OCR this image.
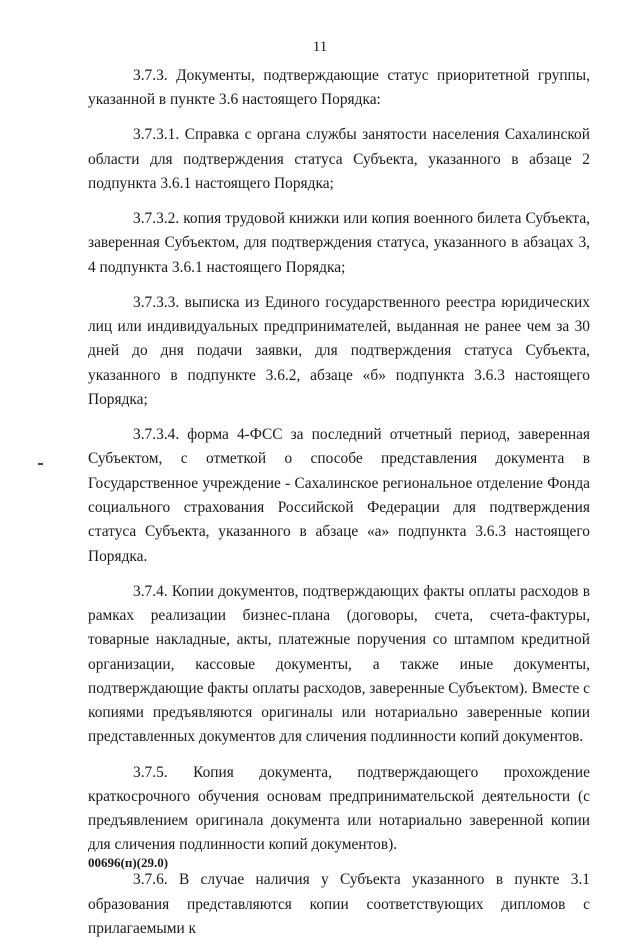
11

3.7.3. Документы, подтверждающие статус приоритетной группы, указанной в пункте 3.6 настоящего Порядка:

3.7.3.1. Справка с органа службы занятости населения Сахалинской области для подтверждения статуса Субъекта, указанного в абзаце 2 подпункта 3.6.1 настоящего Порядка;

3.7.3.2. копия трудовой книжки или копия военного билета Субъекта, заверенная Субъектом, для подтверждения статуса, указанного в абзацах 3, 4 подпункта 3.6.1 настоящего Порядка;

3.7.3.3. выписка из Единого государственного реестра юридических лиц или индивидуальных предпринимателей, выданная не ранее чем за 30 дней до дня подачи заявки, для подтверждения статуса Субъекта, указанного в подпункте 3.6.2, абзаце «б» подпункта 3.6.3 настоящего Порядка;

3.7.3.4. форма 4-ФСС за последний отчетный период, заверенная Субъектом, с отметкой о способе представления документа в Государственное учреждение - Сахалинское региональное отделение Фонда социального страхования Российской Федерации для подтверждения статуса Субъекта, указанного в абзаце «а» подпункта 3.6.3 настоящего Порядка.

3.7.4. Копии документов, подтверждающих факты оплаты расходов в рамках реализации бизнес-плана (договоры, счета, счета-фактуры, товарные накладные, акты, платежные поручения со штампом кредитной организации, кассовые документы, а также иные документы, подтверждающие факты оплаты расходов, заверенные Субъектом). Вместе с копиями предъявляются оригиналы или нотариально заверенные копии представленных документов для сличения подлинности копий документов.

3.7.5. Копия документа, подтверждающего прохождение краткосрочного обучения основам предпринимательской деятельности (с предъявлением оригинала документа или нотариально заверенной копии для сличения подлинности копий документов).

3.7.6. В случае наличия у Субъекта указанного в пункте 3.1 образования представляются копии соответствующих дипломов с прилагаемыми к

00696(п)(29.0)
